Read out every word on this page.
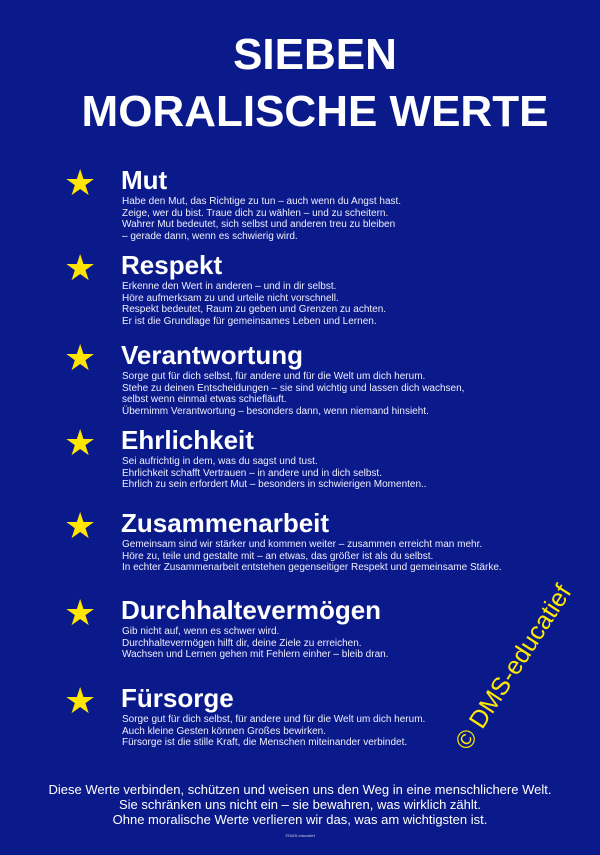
SIEBEN
MORALISCHE WERTE
★ Mut
Habe den Mut, das Richtige zu tun – auch wenn du Angst hast.
Zeige, wer du bist. Traue dich zu wählen – und zu scheitern.
Wahrer Mut bedeutet, sich selbst und anderen treu zu bleiben
– gerade dann, wenn es schwierig wird.
★ Respekt
Erkenne den Wert in anderen – und in dir selbst.
Höre aufmerksam zu und urteile nicht vorschnell.
Respekt bedeutet, Raum zu geben und Grenzen zu achten.
Er ist die Grundlage für gemeinsames Leben und Lernen.
★ Verantwortung
Sorge gut für dich selbst, für andere und für die Welt um dich herum.
Stehe zu deinen Entscheidungen – sie sind wichtig und lassen dich wachsen,
selbst wenn einmal etwas schiefläuft.
Übernimm Verantwortung – besonders dann, wenn niemand hinsieht.
★ Ehrlichkeit
Sei aufrichtig in dem, was du sagst und tust.
Ehrlichkeit schafft Vertrauen – in andere und in dich selbst.
Ehrlich zu sein erfordert Mut – besonders in schwierigen Momenten..
★ Zusammenarbeit
Gemeinsam sind wir stärker und kommen weiter – zusammen erreicht man mehr.
Höre zu, teile und gestalte mit – an etwas, das größer ist als du selbst.
In echter Zusammenarbeit entstehen gegenseitiger Respekt und gemeinsame Stärke.
★ Durchhaltevermögen
Gib nicht auf, wenn es schwer wird.
Durchhaltevermögen hilft dir, deine Ziele zu erreichen.
Wachsen und Lernen gehen mit Fehlern einher – bleib dran.
★ Fürsorge
Sorge gut für dich selbst, für andere und für die Welt um dich herum.
Auch kleine Gesten können Großes bewirken.
Fürsorge ist die stille Kraft, die Menschen miteinander verbindet.
Diese Werte verbinden, schützen und weisen uns den Weg in eine menschlichere Welt.
Sie schränken uns nicht ein – sie bewahren, was wirklich zählt.
Ohne moralische Werte verlieren wir das, was am wichtigsten ist.
©DMS-educatief
© DMS-educatief
